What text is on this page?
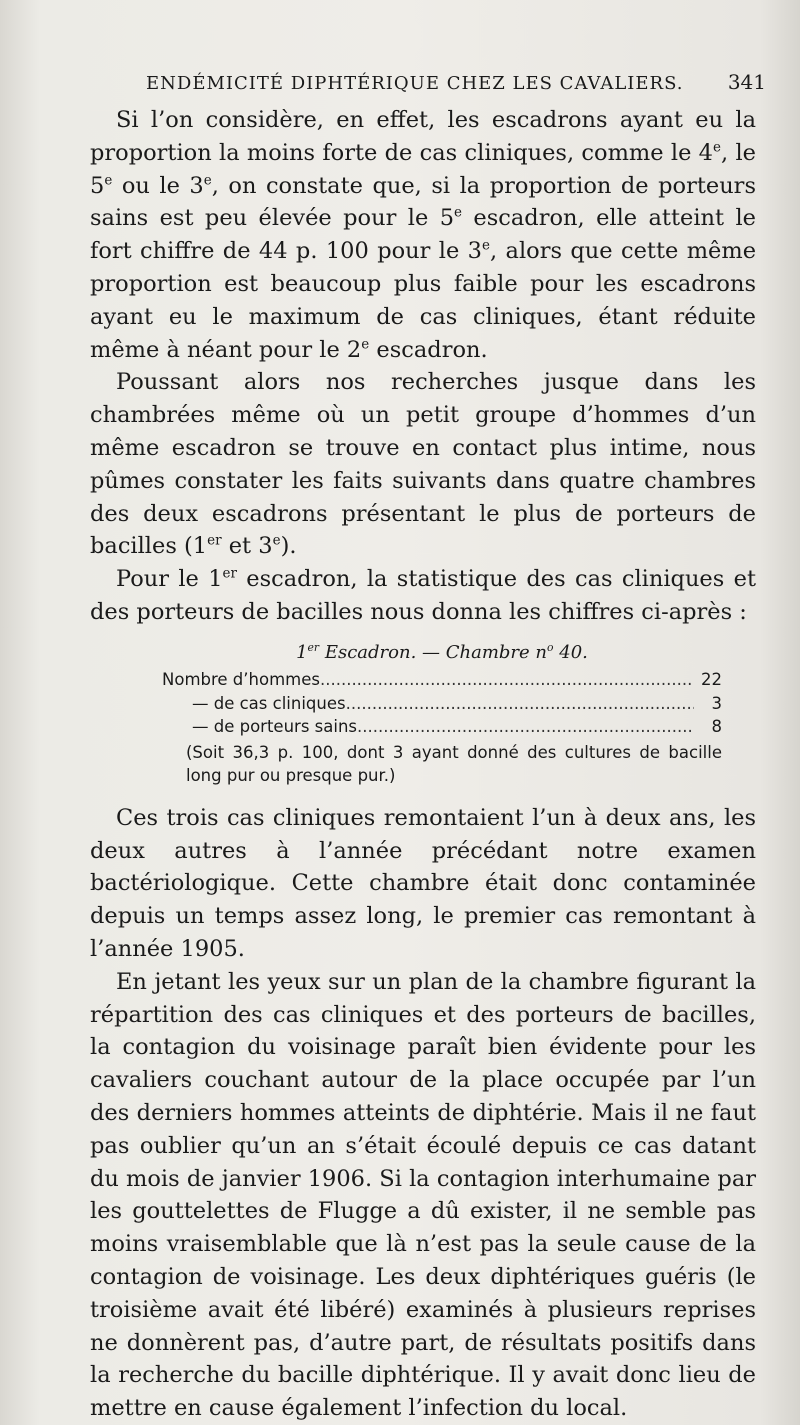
ENDÉMICITÉ DIPHTÉRIQUE CHEZ LES CAVALIERS. 341

Si l’on considère, en effet, les escadrons ayant eu la proportion la moins forte de cas cliniques, comme le 4e, le 5e ou le 3e, on constate que, si la proportion de porteurs sains est peu élevée pour le 5e escadron, elle atteint le fort chiffre de 44 p. 100 pour le 3e, alors que cette même proportion est beaucoup plus faible pour les escadrons ayant eu le maximum de cas cliniques, étant réduite même à néant pour le 2e escadron.

Poussant alors nos recherches jusque dans les chambrées même où un petit groupe d’hommes d’un même escadron se trouve en contact plus intime, nous pûmes constater les faits suivants dans quatre chambres des deux escadrons présentant le plus de porteurs de bacilles (1er et 3e).

Pour le 1er escadron, la statistique des cas cliniques et des porteurs de bacilles nous donna les chiffres ci-après :

1er Escadron. — Chambre $n^o$ 40.
Nombre d’hommes .....	22
— de cas cliniques .....	3
— de porteurs sains .....	8
(Soit 36,3 p. 100, dont 3 ayant donné des cultures de bacille long pur ou presque pur.)

Ces trois cas cliniques remontaient l’un à deux ans, les deux autres à l’année précédant notre examen bactériologique. Cette chambre était donc contaminée depuis un temps assez long, le premier cas remontant à l’année 1905.

En jetant les yeux sur un plan de la chambre figurant la répartition des cas cliniques et des porteurs de bacilles, la contagion du voisinage paraît bien évidente pour les cavaliers couchant autour de la place occupée par l’un des derniers hommes atteints de diphtérie. Mais il ne faut pas oublier qu’un an s’était écoulé depuis ce cas datant du mois de janvier 1906. Si la contagion interhumaine par les gouttelettes de Flugge a dû exister, il ne semble pas moins vraisemblable que là n’est pas la seule cause de la contagion de voisinage. Les deux diphtériques guéris (le troisième avait été libéré) examinés à plusieurs reprises ne donnèrent pas, d’autre part, de résultats positifs dans la recherche du bacille diphtérique. Il y avait donc lieu de mettre en cause également l’infection du local.
